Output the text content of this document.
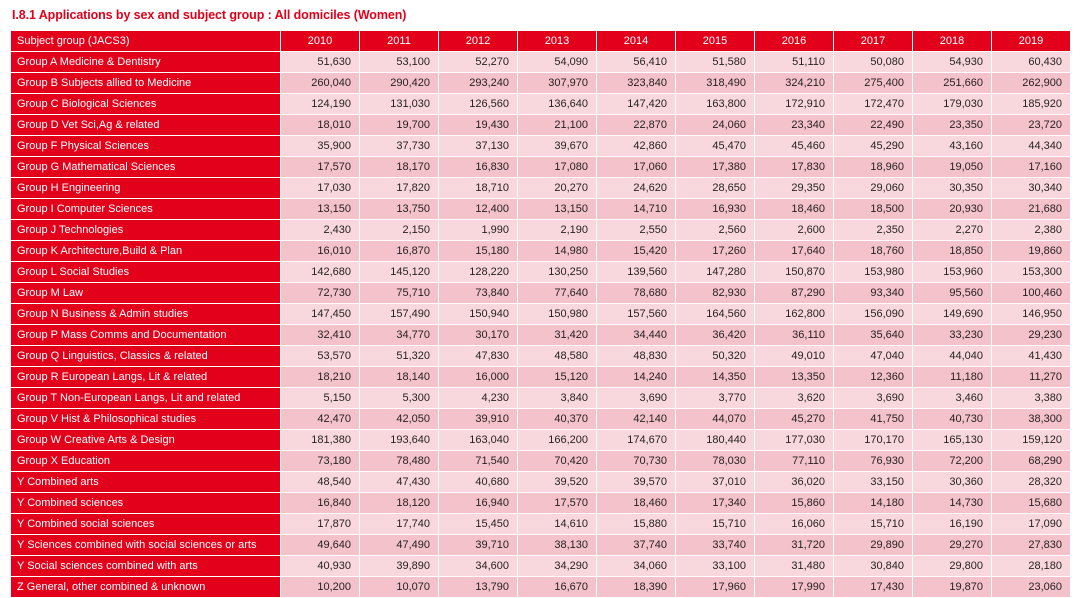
I.8.1 Applications by sex and subject group : All domiciles (Women)
Subject group (JACS3)	2010	2011	2012	2013	2014	2015	2016	2017	2018	2019
Group A Medicine & Dentistry	51,630	53,100	52,270	54,090	56,410	51,580	51,110	50,080	54,930	60,430
Group B Subjects allied to Medicine	260,040	290,420	293,240	307,970	323,840	318,490	324,210	275,400	251,660	262,900
Group C Biological Sciences	124,190	131,030	126,560	136,640	147,420	163,800	172,910	172,470	179,030	185,920
Group D Vet Sci,Ag & related	18,010	19,700	19,430	21,100	22,870	24,060	23,340	22,490	23,350	23,720
Group F Physical Sciences	35,900	37,730	37,130	39,670	42,860	45,470	45,460	45,290	43,160	44,340
Group G Mathematical Sciences	17,570	18,170	16,830	17,080	17,060	17,380	17,830	18,960	19,050	17,160
Group H Engineering	17,030	17,820	18,710	20,270	24,620	28,650	29,350	29,060	30,350	30,340
Group I Computer Sciences	13,150	13,750	12,400	13,150	14,710	16,930	18,460	18,500	20,930	21,680
Group J Technologies	2,430	2,150	1,990	2,190	2,550	2,560	2,600	2,350	2,270	2,380
Group K Architecture,Build & Plan	16,010	16,870	15,180	14,980	15,420	17,260	17,640	18,760	18,850	19,860
Group L Social Studies	142,680	145,120	128,220	130,250	139,560	147,280	150,870	153,980	153,960	153,300
Group M Law	72,730	75,710	73,840	77,640	78,680	82,930	87,290	93,340	95,560	100,460
Group N Business & Admin studies	147,450	157,490	150,940	150,980	157,560	164,560	162,800	156,090	149,690	146,950
Group P Mass Comms and Documentation	32,410	34,770	30,170	31,420	34,440	36,420	36,110	35,640	33,230	29,230
Group Q Linguistics, Classics & related	53,570	51,320	47,830	48,580	48,830	50,320	49,010	47,040	44,040	41,430
Group R European Langs, Lit & related	18,210	18,140	16,000	15,120	14,240	14,350	13,350	12,360	11,180	11,270
Group T Non-European Langs, Lit and related	5,150	5,300	4,230	3,840	3,690	3,770	3,620	3,690	3,460	3,380
Group V Hist & Philosophical studies	42,470	42,050	39,910	40,370	42,140	44,070	45,270	41,750	40,730	38,300
Group W Creative Arts & Design	181,380	193,640	163,040	166,200	174,670	180,440	177,030	170,170	165,130	159,120
Group X Education	73,180	78,480	71,540	70,420	70,730	78,030	77,110	76,930	72,200	68,290
Y Combined arts	48,540	47,430	40,680	39,520	39,570	37,010	36,020	33,150	30,360	28,320
Y Combined sciences	16,840	18,120	16,940	17,570	18,460	17,340	15,860	14,180	14,730	15,680
Y Combined social sciences	17,870	17,740	15,450	14,610	15,880	15,710	16,060	15,710	16,190	17,090
Y Sciences combined with social sciences or arts	49,640	47,490	39,710	38,130	37,740	33,740	31,720	29,890	29,270	27,830
Y Social sciences combined with arts	40,930	39,890	34,600	34,290	34,060	33,100	31,480	30,840	29,800	28,180
Z General, other combined & unknown	10,200	10,070	13,790	16,670	18,390	17,960	17,990	17,430	19,870	23,060
